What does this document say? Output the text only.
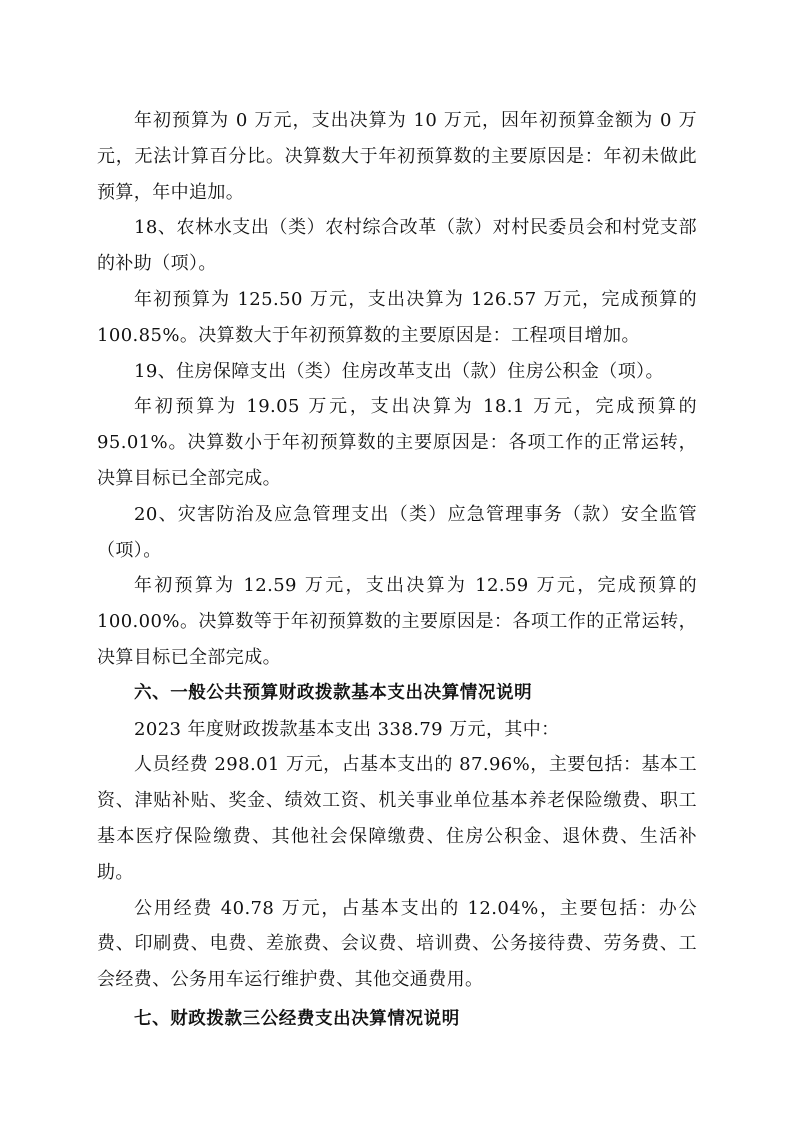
年初预算为 0 万元，支出决算为 10 万元，因年初预算金额为 0 万元，无法计算百分比。决算数大于年初预算数的主要原因是：年初未做此预算，年中追加。

18、农林水支出（类）农村综合改革（款）对村民委员会和村党支部的补助（项）。

年初预算为 125.50 万元，支出决算为 126.57 万元，完成预算的 100.85%。决算数大于年初预算数的主要原因是：工程项目增加。

19、住房保障支出（类）住房改革支出（款）住房公积金（项）。

年初预算为 19.05 万元，支出决算为 18.1 万元，完成预算的 95.01%。决算数小于年初预算数的主要原因是：各项工作的正常运转，决算目标已全部完成。

20、灾害防治及应急管理支出（类）应急管理事务（款）安全监管（项）。

年初预算为 12.59 万元，支出决算为 12.59 万元，完成预算的 100.00%。决算数等于年初预算数的主要原因是：各项工作的正常运转，决算目标已全部完成。

六、一般公共预算财政拨款基本支出决算情况说明

2023 年度财政拨款基本支出 338.79 万元，其中：

人员经费 298.01 万元，占基本支出的 87.96%，主要包括：基本工资、津贴补贴、奖金、绩效工资、机关事业单位基本养老保险缴费、职工基本医疗保险缴费、其他社会保障缴费、住房公积金、退休费、生活补助。

公用经费 40.78 万元，占基本支出的 12.04%，主要包括：办公费、印刷费、电费、差旅费、会议费、培训费、公务接待费、劳务费、工会经费、公务用车运行维护费、其他交通费用。

七、财政拨款三公经费支出决算情况说明
